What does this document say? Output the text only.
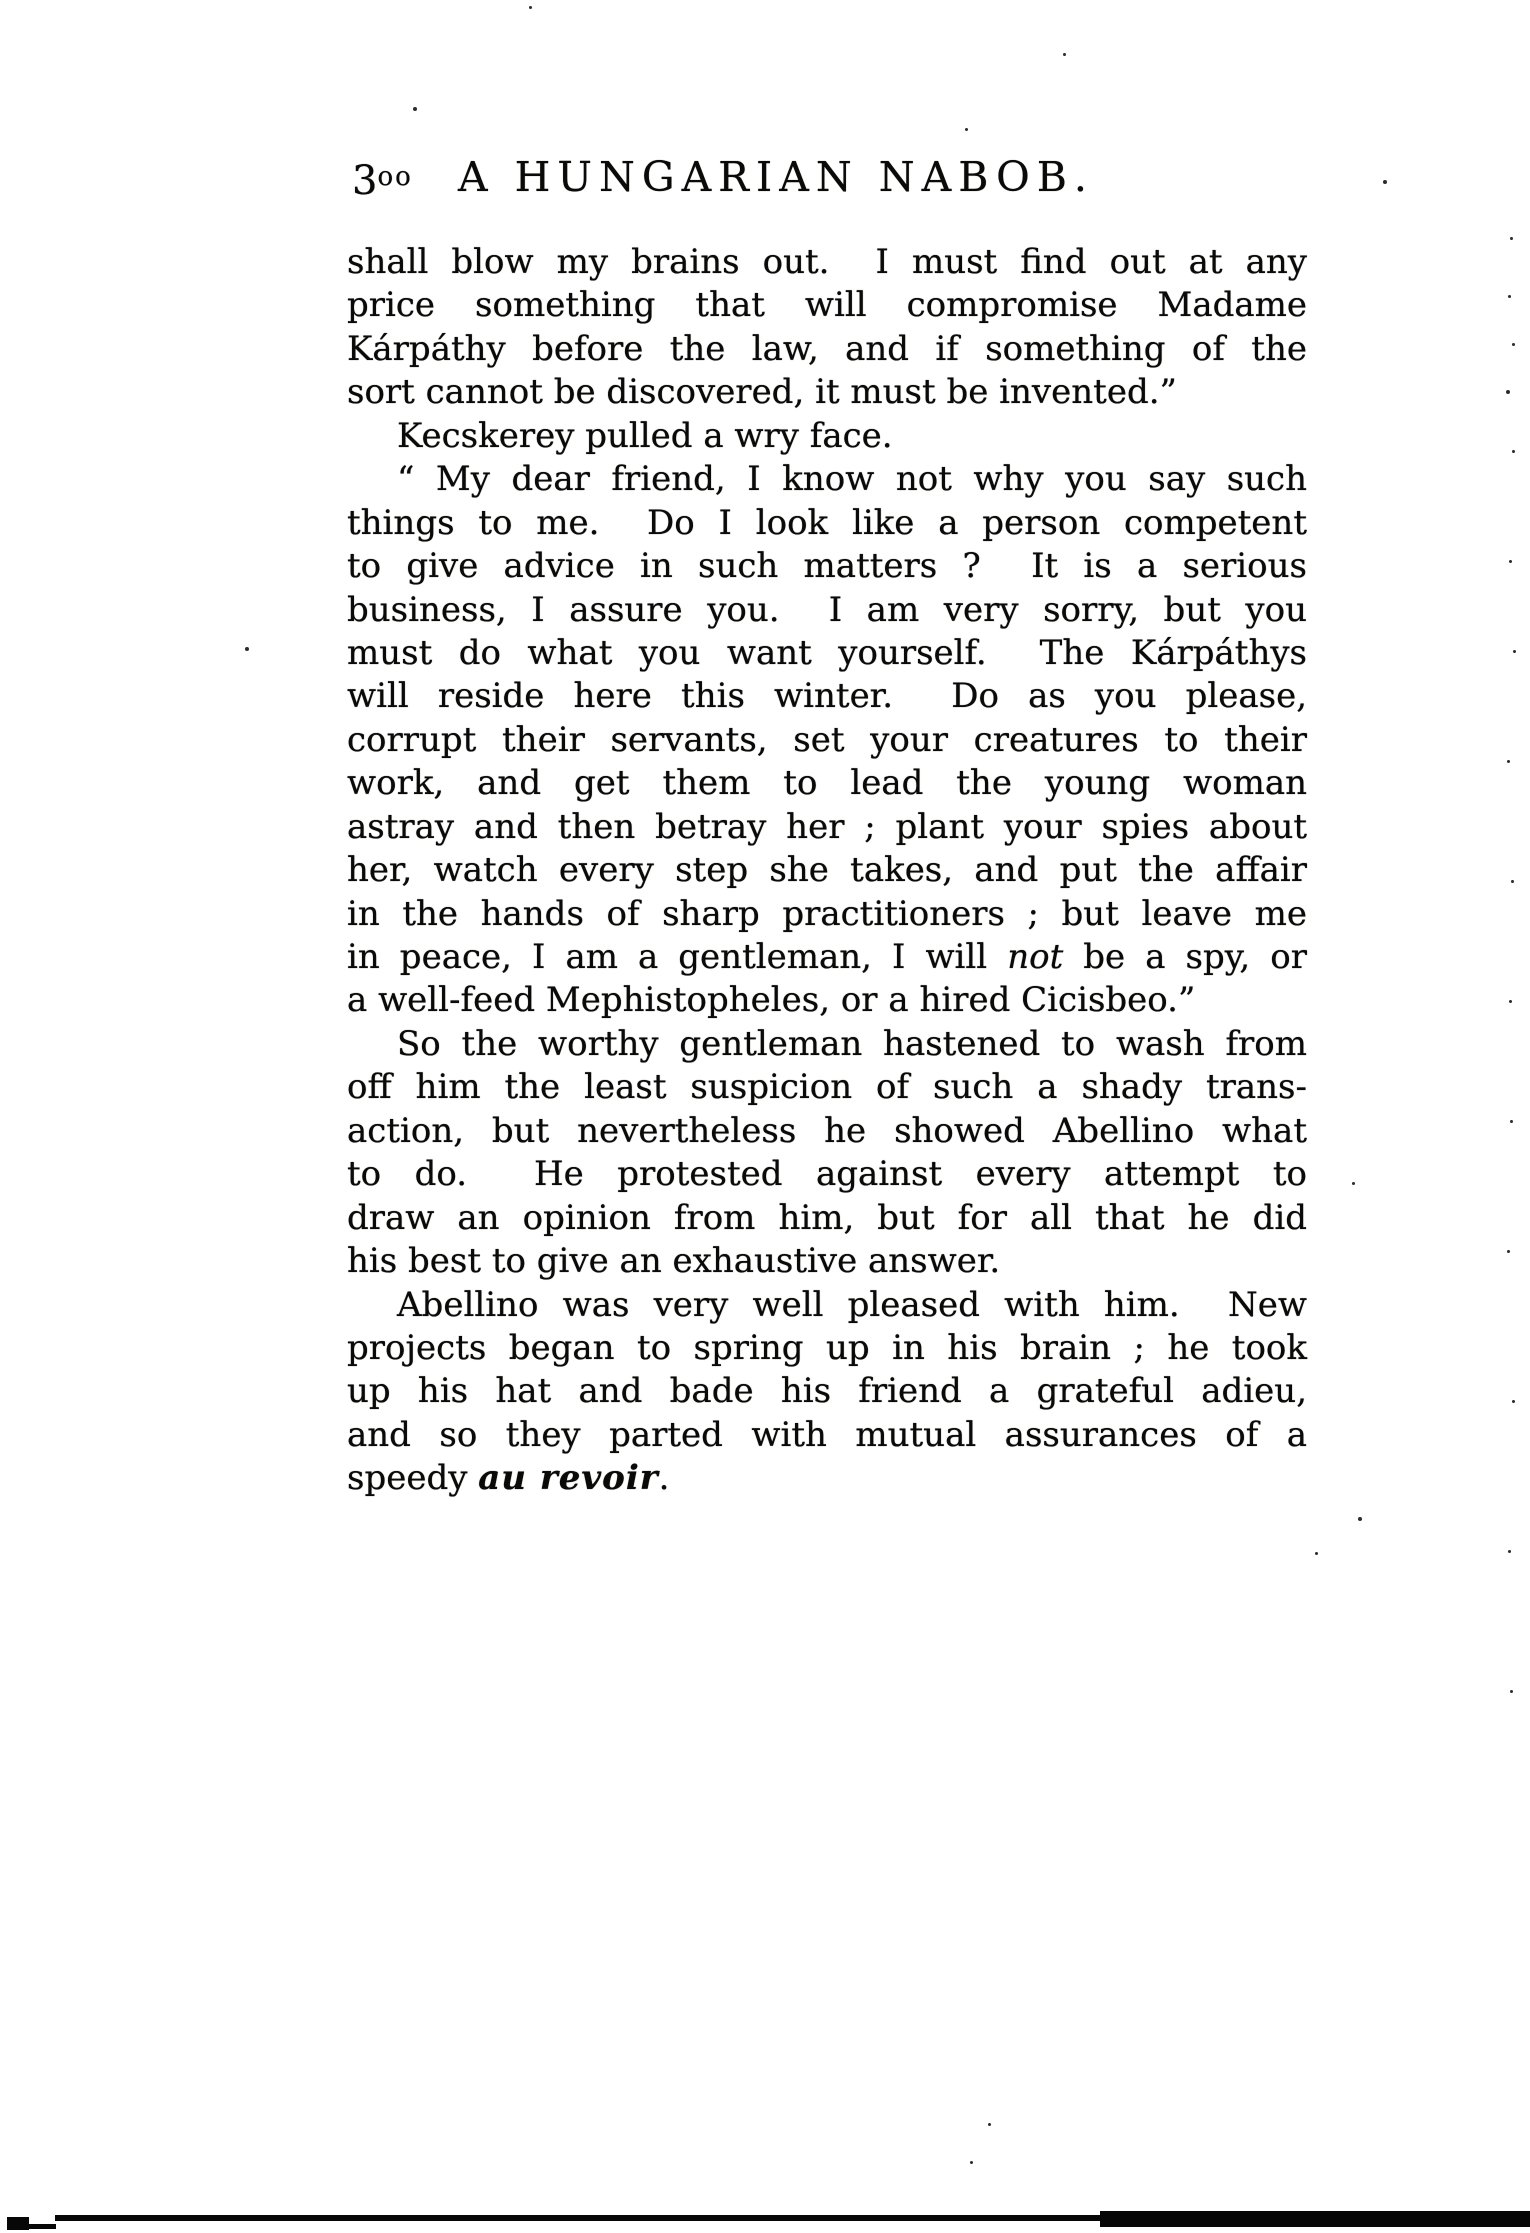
$3^{oo}$ A HUNGARIAN NABOB.
shall blow my brains out.  I must find out at any
price something that will compromise Madame
Kárpáthy before the law, and if something of the
sort cannot be discovered, it must be invented.”
Kecskerey pulled a wry face.
“ My dear friend, I know not why you say such
things to me.  Do I look like a person competent
to give advice in such matters ?  It is a serious
business, I assure you.  I am very sorry, but you
must do what you want yourself.  The Kárpáthys
will reside here this winter.  Do as you please,
corrupt their servants, set your creatures to their
work, and get them to lead the young woman
astray and then betray her ; plant your spies about
her, watch every step she takes, and put the affair
in the hands of sharp practitioners ; but leave me
in peace, I am a gentleman, I will not be a spy, or
a well-feed Mephistopheles, or a hired Cicisbeo.”
So the worthy gentleman hastened to wash from
off him the least suspicion of such a shady trans-
action, but nevertheless he showed Abellino what
to do.  He protested against every attempt to
draw an opinion from him, but for all that he did
his best to give an exhaustive answer.
Abellino was very well pleased with him.  New
projects began to spring up in his brain ; he took
up his hat and bade his friend a grateful adieu,
and so they parted with mutual assurances of a
speedy au revoir.
